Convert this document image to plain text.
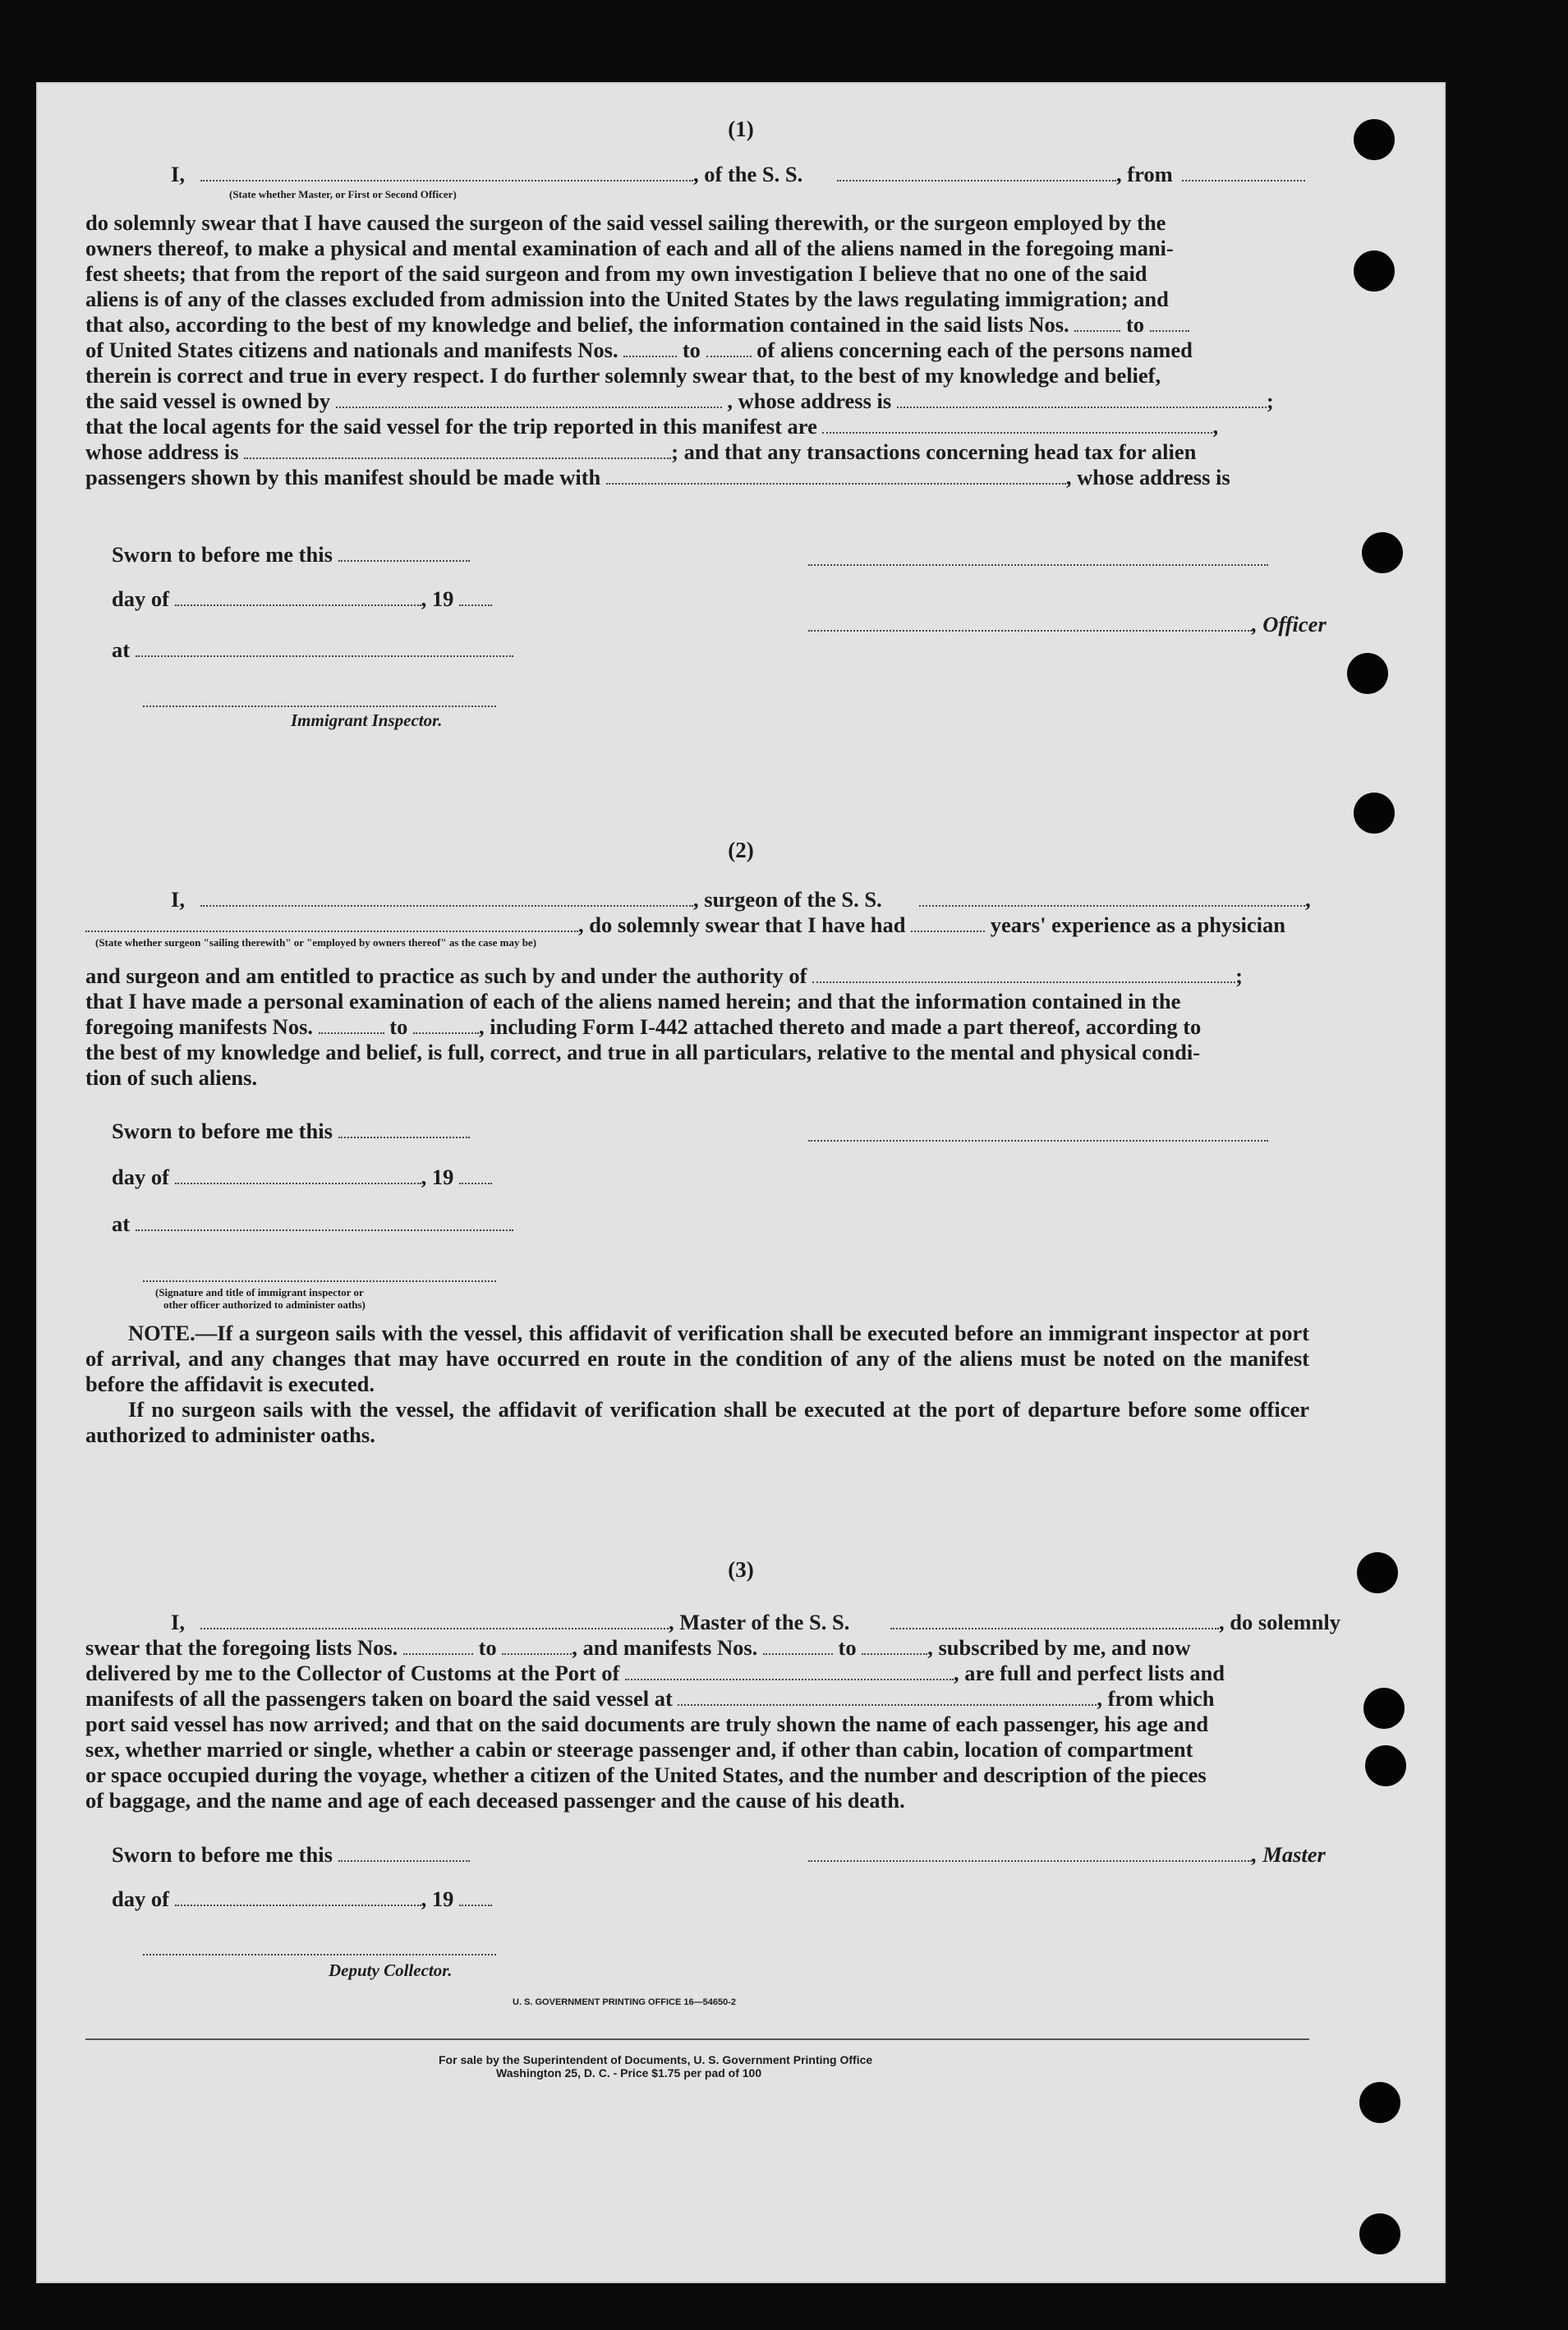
(1)
I,	, of the S. S.	, from
(State whether Master, or First or Second Officer)
do solemnly swear that I have caused the surgeon of the said vessel sailing therewith, or the surgeon employed by the
owners thereof, to make a physical and mental examination of each and all of the aliens named in the foregoing mani-
fest sheets; that from the report of the said surgeon and from my own investigation I believe that no one of the said
aliens is of any of the classes excluded from admission into the United States by the laws regulating immigration; and
that also, according to the best of my knowledge and belief, the information contained in the said lists Nos.	to
of United States citizens and nationals and manifests Nos.	to	of aliens concerning each of the persons named
therein is correct and true in every respect. I do further solemnly swear that, to the best of my knowledge and belief,
the said vessel is owned by	, whose address is	;
that the local agents for the said vessel for the trip reported in this manifest are	,
whose address is	; and that any transactions concerning head tax for alien
passengers shown by this manifest should be made with	, whose address is
Sworn to before me this
day of	, 19
, Officer
at
Immigrant Inspector.
(2)
I,	, surgeon of the S. S.	,
, do solemnly swear that I have had	years' experience as a physician
(State whether surgeon "sailing therewith" or "employed by owners thereof" as the case may be)
and surgeon and am entitled to practice as such by and under the authority of	;
that I have made a personal examination of each of the aliens named herein; and that the information contained in the
foregoing manifests Nos.	to	, including Form I-442 attached thereto and made a part thereof, according to
the best of my knowledge and belief, is full, correct, and true in all particulars, relative to the mental and physical condi-
tion of such aliens.
Sworn to before me this
day of	, 19
at
(Signature and title of immigrant inspector or
other officer authorized to administer oaths)
NOTE.—If a surgeon sails with the vessel, this affidavit of verification shall be executed before an immigrant inspector at port of arrival, and any changes that may have occurred en route in the condition of any of the aliens must be noted on the manifest before the affidavit is executed.
If no surgeon sails with the vessel, the affidavit of verification shall be executed at the port of departure before some officer authorized to administer oaths.
(3)
I,	, Master of the S. S.	, do solemnly
swear that the foregoing lists Nos.	to	, and manifests Nos.	to	, subscribed by me, and now
delivered by me to the Collector of Customs at the Port of	, are full and perfect lists and
manifests of all the passengers taken on board the said vessel at	, from which
port said vessel has now arrived; and that on the said documents are truly shown the name of each passenger, his age and
sex, whether married or single, whether a cabin or steerage passenger and, if other than cabin, location of compartment
or space occupied during the voyage, whether a citizen of the United States, and the number and description of the pieces
of baggage, and the name and age of each deceased passenger and the cause of his death.
Sworn to before me this	, Master
day of	, 19
Deputy Collector.
U. S. GOVERNMENT PRINTING OFFICE 16—54650-2
For sale by the Superintendent of Documents, U. S. Government Printing Office
Washington 25, D. C. - Price $1.75 per pad of 100
